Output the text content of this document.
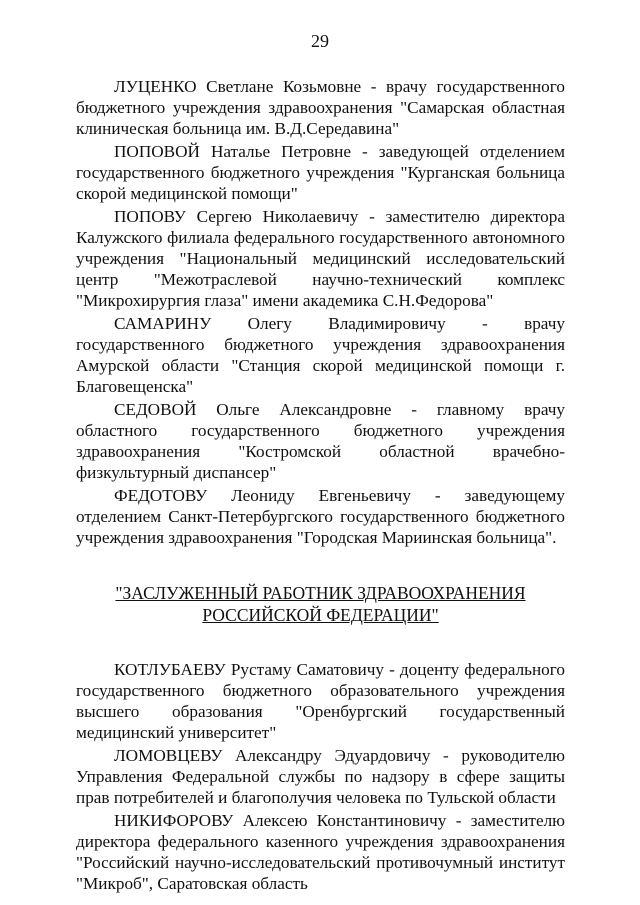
29

ЛУЦЕНКО Светлане Козьмовне - врачу государственного бюджетного учреждения здравоохранения "Самарская областная клиническая больница им. В.Д.Середавина"

ПОПОВОЙ Наталье Петровне - заведующей отделением государственного бюджетного учреждения "Курганская больница скорой медицинской помощи"

ПОПОВУ Сергею Николаевичу - заместителю директора Калужского филиала федерального государственного автономного учреждения "Национальный медицинский исследовательский центр "Межотраслевой научно-технический комплекс "Микрохирургия глаза" имени академика С.Н.Федорова"

САМАРИНУ Олегу Владимировичу - врачу государственного бюджетного учреждения здравоохранения Амурской области "Станция скорой медицинской помощи г. Благовещенска"

СЕДОВОЙ Ольге Александровне - главному врачу областного государственного бюджетного учреждения здравоохранения "Костромской областной врачебно-физкультурный диспансер"

ФЕДОТОВУ Леониду Евгеньевичу - заведующему отделением Санкт-Петербургского государственного бюджетного учреждения здравоохранения "Городская Мариинская больница".

"ЗАСЛУЖЕННЫЙ РАБОТНИК ЗДРАВООХРАНЕНИЯ
РОССИЙСКОЙ ФЕДЕРАЦИИ"

КОТЛУБАЕВУ Рустаму Саматовичу - доценту федерального государственного бюджетного образовательного учреждения высшего образования "Оренбургский государственный медицинский университет"

ЛОМОВЦЕВУ Александру Эдуардовичу - руководителю Управления Федеральной службы по надзору в сфере защиты прав потребителей и благополучия человека по Тульской области

НИКИФОРОВУ Алексею Константиновичу - заместителю директора федерального казенного учреждения здравоохранения "Российский научно-исследовательский противочумный институт "Микроб", Саратовская область
